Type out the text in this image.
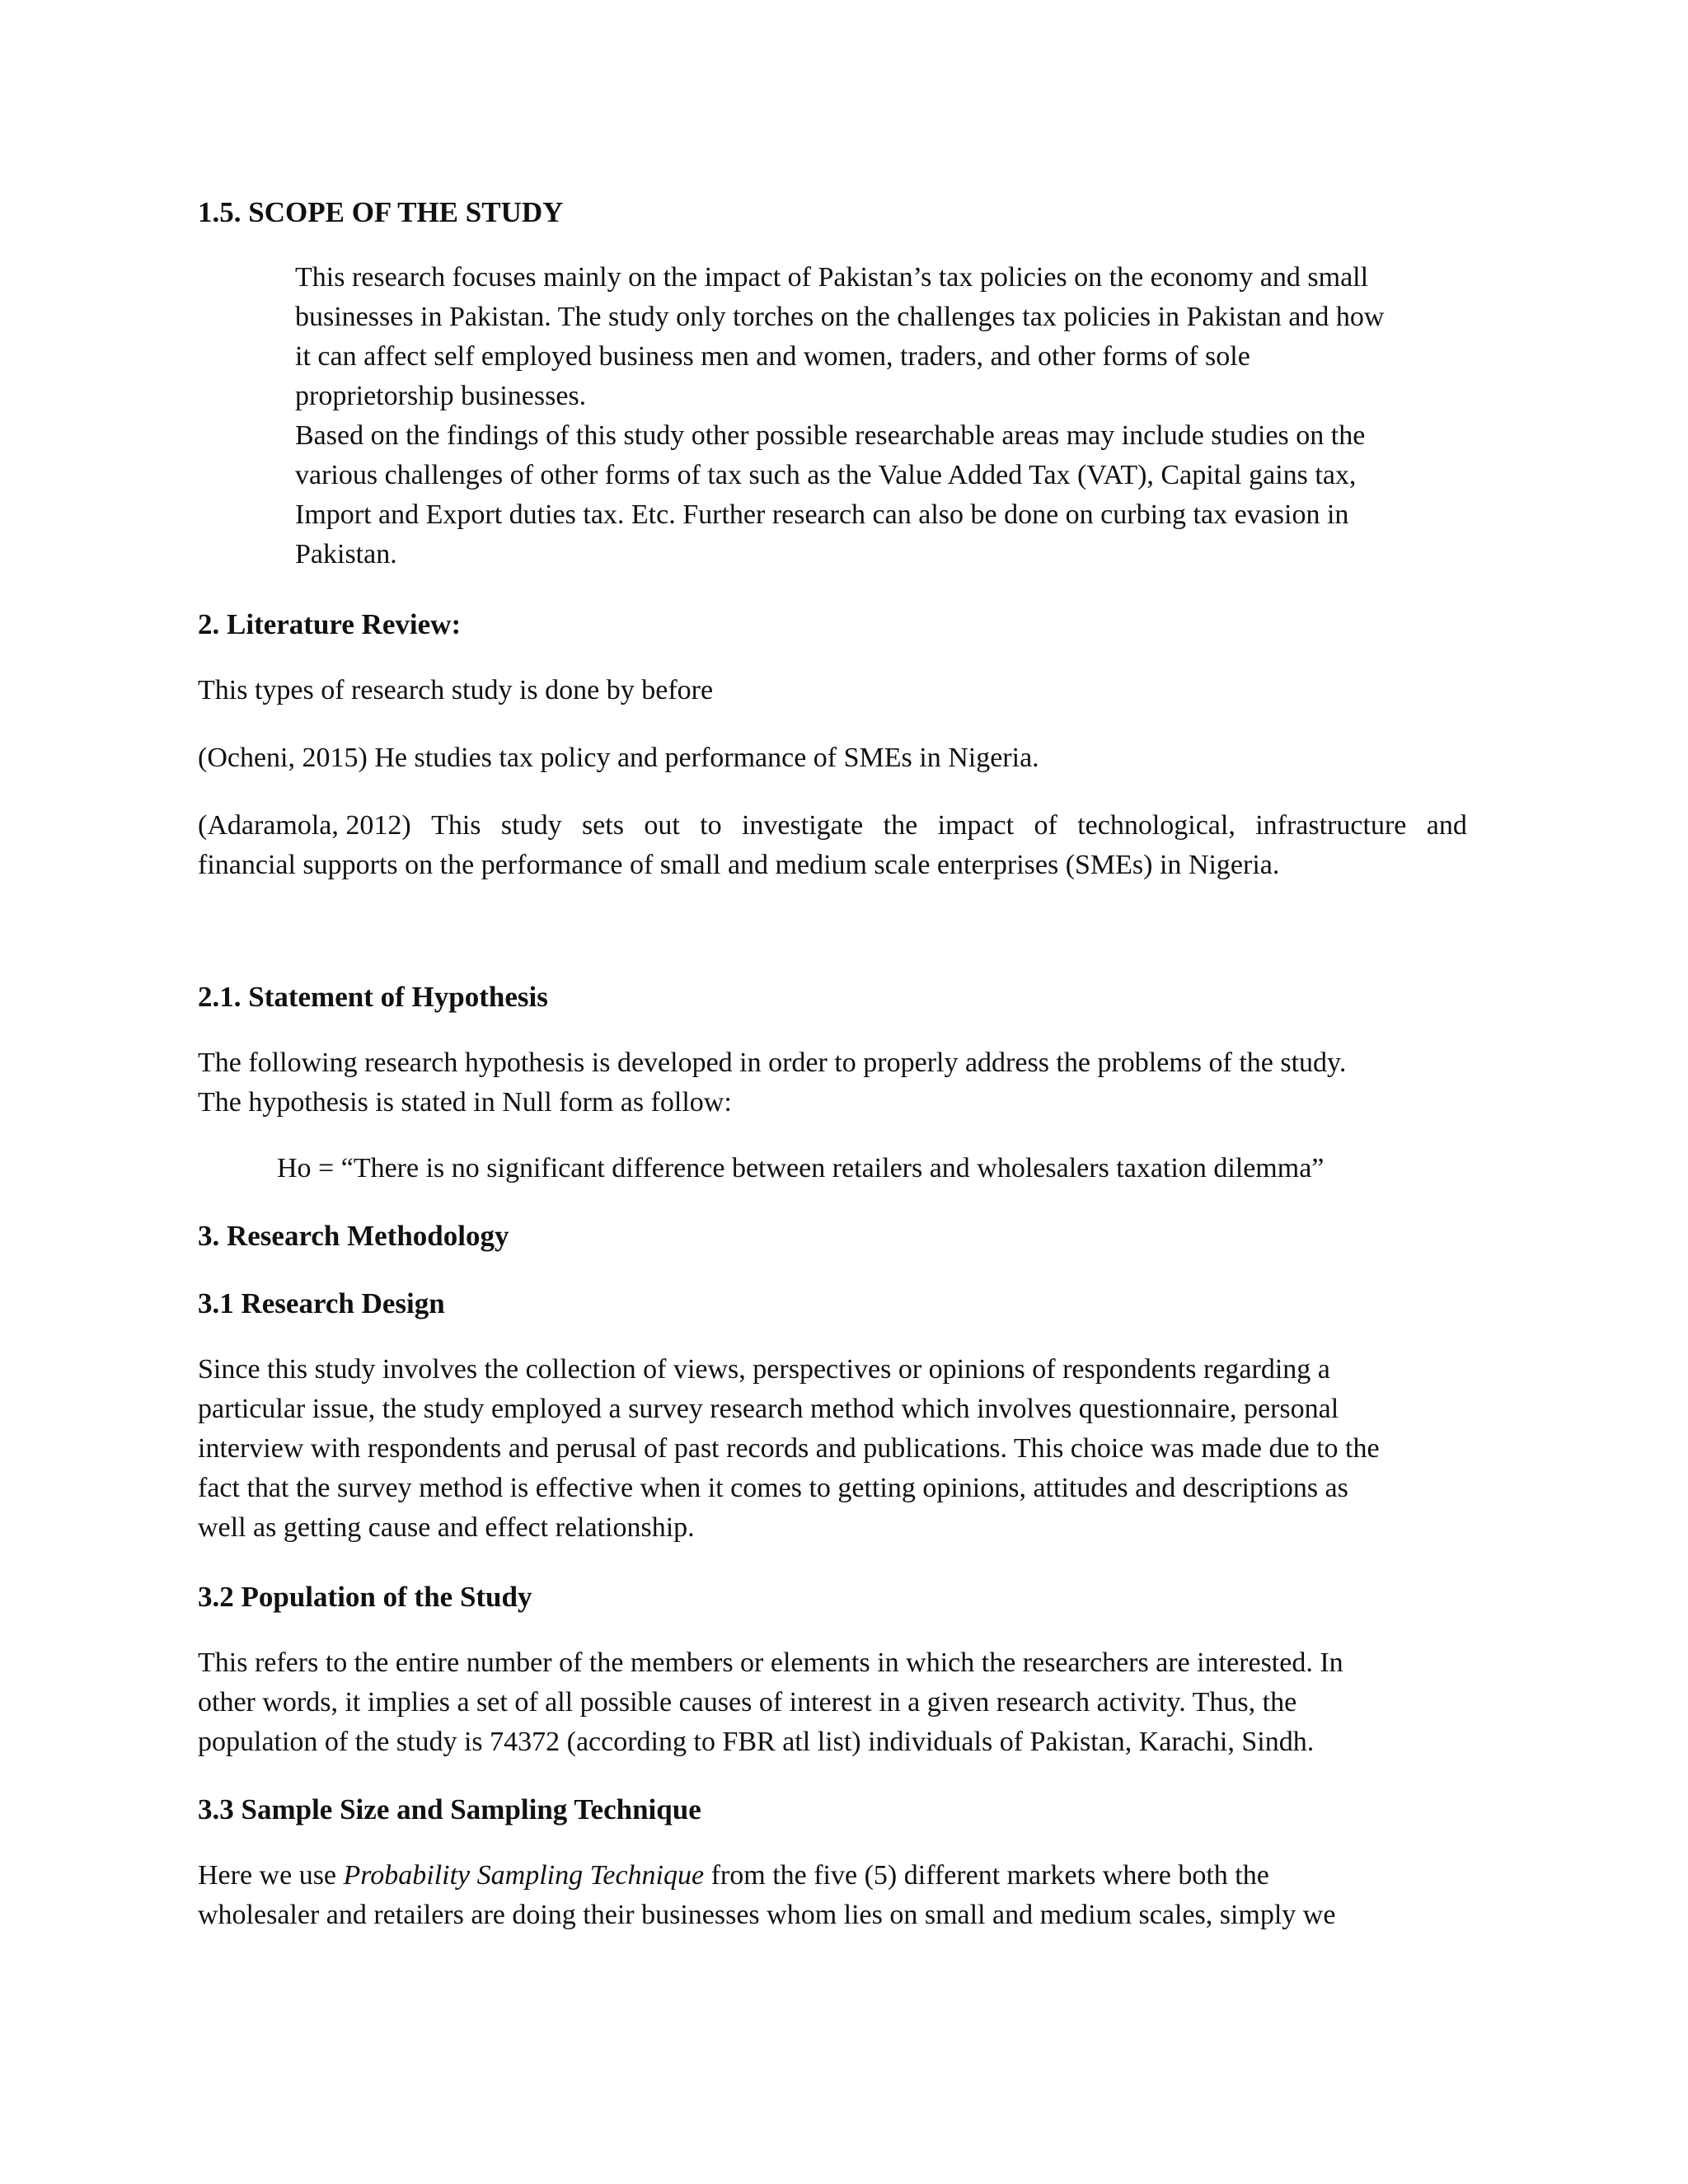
1.5. SCOPE OF THE STUDY
This research focuses mainly on the impact of Pakistan’s tax policies on the economy and small
businesses in Pakistan. The study only torches on the challenges tax policies in Pakistan and how
it can affect self employed business men and women, traders, and other forms of sole
proprietorship businesses.
Based on the findings of this study other possible researchable areas may include studies on the
various challenges of other forms of tax such as the Value Added Tax (VAT), Capital gains tax,
Import and Export duties tax. Etc. Further research can also be done on curbing tax evasion in
Pakistan.
2. Literature Review:
This types of research study is done by before
(Ocheni, 2015) He studies tax policy and performance of SMEs in Nigeria.
(Adaramola, 2012) This study sets out to investigate the impact of technological, infrastructure and
financial supports on the performance of small and medium scale enterprises (SMEs) in Nigeria.
2.1. Statement of Hypothesis
The following research hypothesis is developed in order to properly address the problems of the study.
The hypothesis is stated in Null form as follow:
Ho = “There is no significant difference between retailers and wholesalers taxation dilemma”
3. Research Methodology
3.1 Research Design
Since this study involves the collection of views, perspectives or opinions of respondents regarding a
particular issue, the study employed a survey research method which involves questionnaire, personal
interview with respondents and perusal of past records and publications. This choice was made due to the
fact that the survey method is effective when it comes to getting opinions, attitudes and descriptions as
well as getting cause and effect relationship.
3.2 Population of the Study
This refers to the entire number of the members or elements in which the researchers are interested. In
other words, it implies a set of all possible causes of interest in a given research activity. Thus, the
population of the study is 74372 (according to FBR atl list) individuals of Pakistan, Karachi, Sindh.
3.3 Sample Size and Sampling Technique
Here we use Probability Sampling Technique from the five (5) different markets where both the
wholesaler and retailers are doing their businesses whom lies on small and medium scales, simply we
